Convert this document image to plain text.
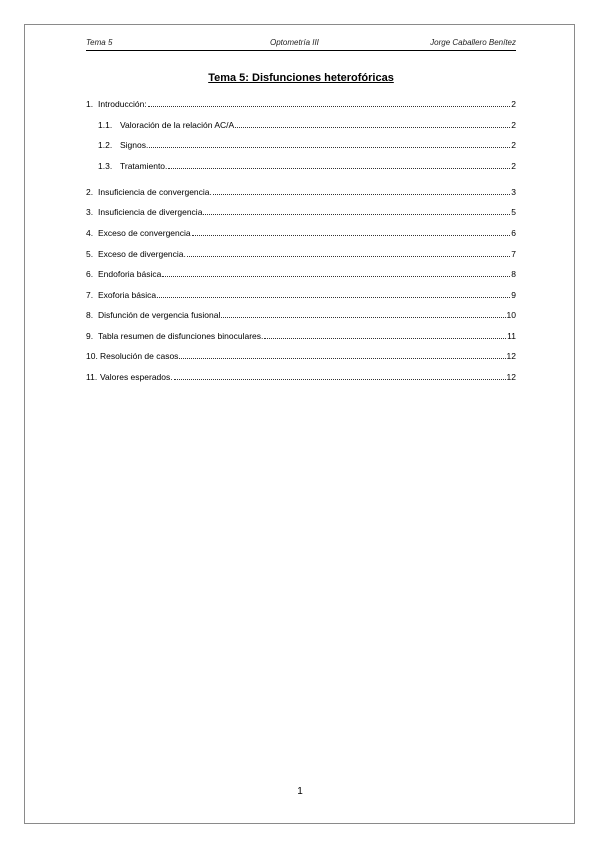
Tema 5	Optometría III	Jorge Caballero Benítez
Tema 5: Disfunciones heterofóricas
1. Introducción:	2
1.1. Valoración de la relación AC/A	2
1.2. Signos.	2
1.3. Tratamiento.	2
2. Insuficiencia de convergencia.	3
3. Insuficiencia de divergencia	5
4. Exceso de convergencia	6
5. Exceso de divergencia.	7
6. Endoforia básica	8
7. Exoforia básica	9
8. Disfunción de vergencia fusional	10
9. Tabla resumen de disfunciones binoculares.	11
10. Resolución de casos	12
11. Valores esperados.	12
1
